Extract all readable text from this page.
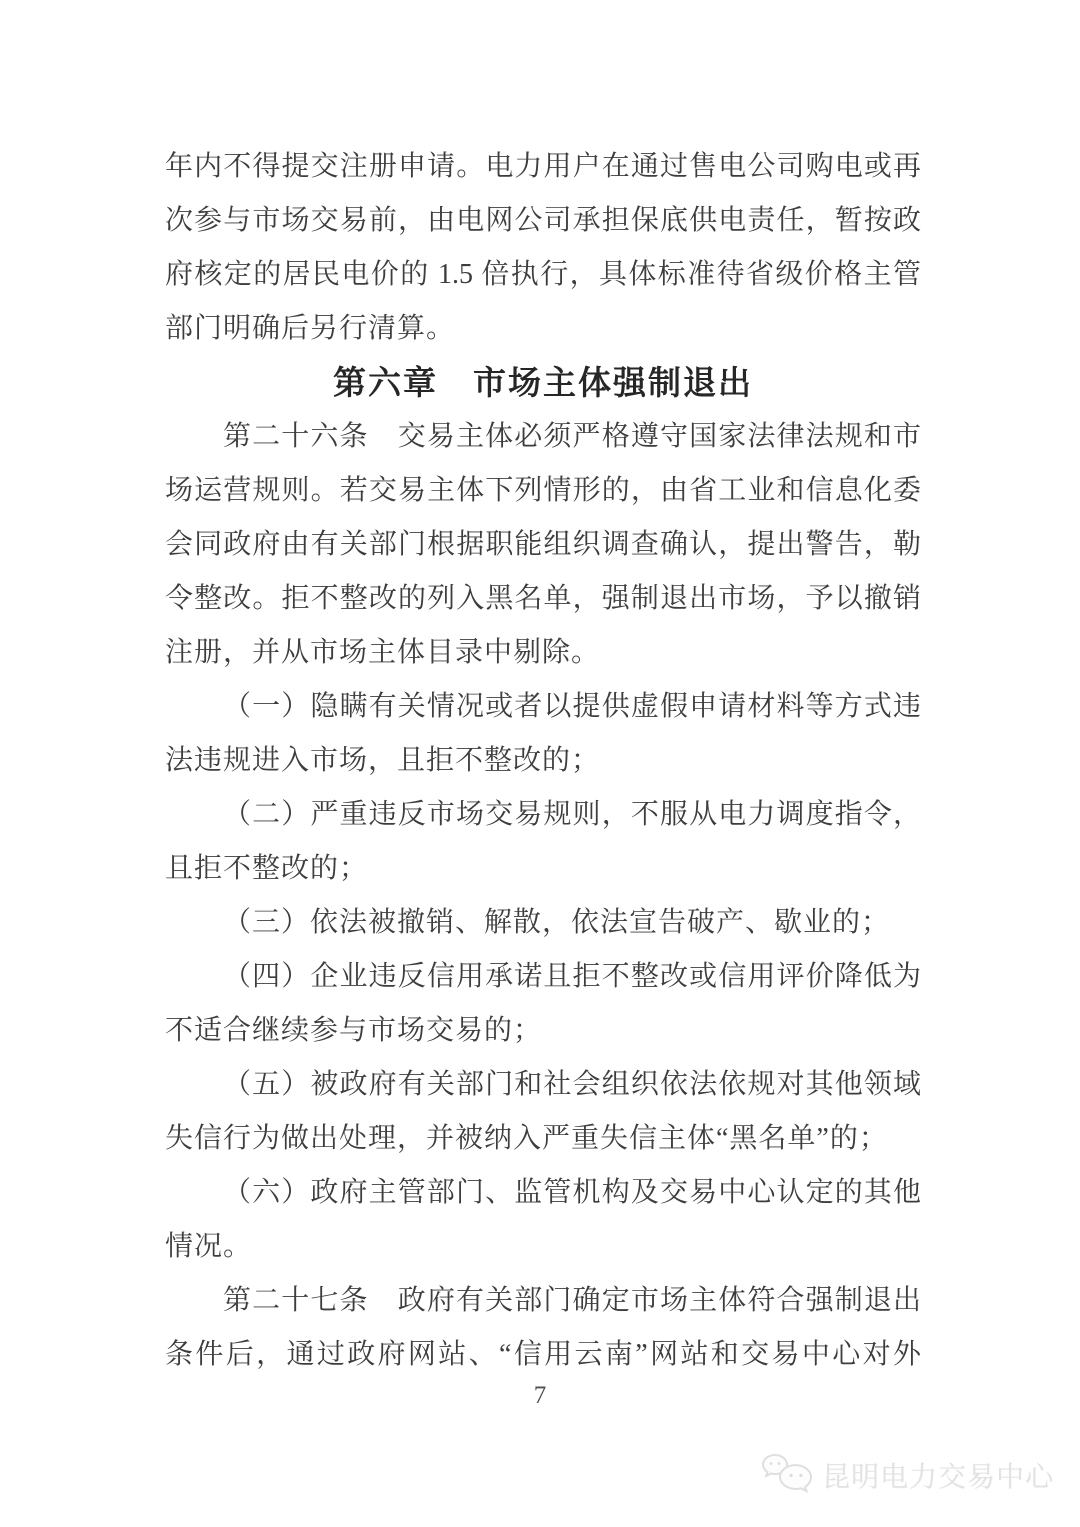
年内不得提交注册申请。电力用户在通过售电公司购电或再
次参与市场交易前，由电网公司承担保底供电责任，暂按政
府核定的居民电价的 1.5 倍执行，具体标准待省级价格主管
部门明确后另行清算。
第六章　市场主体强制退出
第二十六条　交易主体必须严格遵守国家法律法规和市
场运营规则。若交易主体下列情形的，由省工业和信息化委
会同政府由有关部门根据职能组织调查确认，提出警告，勒
令整改。拒不整改的列入黑名单，强制退出市场，予以撤销
注册，并从市场主体目录中剔除。
（一）隐瞒有关情况或者以提供虚假申请材料等方式违
法违规进入市场，且拒不整改的；
（二）严重违反市场交易规则，不服从电力调度指令，
且拒不整改的；
（三）依法被撤销、解散，依法宣告破产、歇业的；
（四）企业违反信用承诺且拒不整改或信用评价降低为
不适合继续参与市场交易的；
（五）被政府有关部门和社会组织依法依规对其他领域
失信行为做出处理，并被纳入严重失信主体“黑名单”的；
（六）政府主管部门、监管机构及交易中心认定的其他
情况。
第二十七条　政府有关部门确定市场主体符合强制退出
条件后，通过政府网站、“信用云南”网站和交易中心对外
7
昆明电力交易中心
